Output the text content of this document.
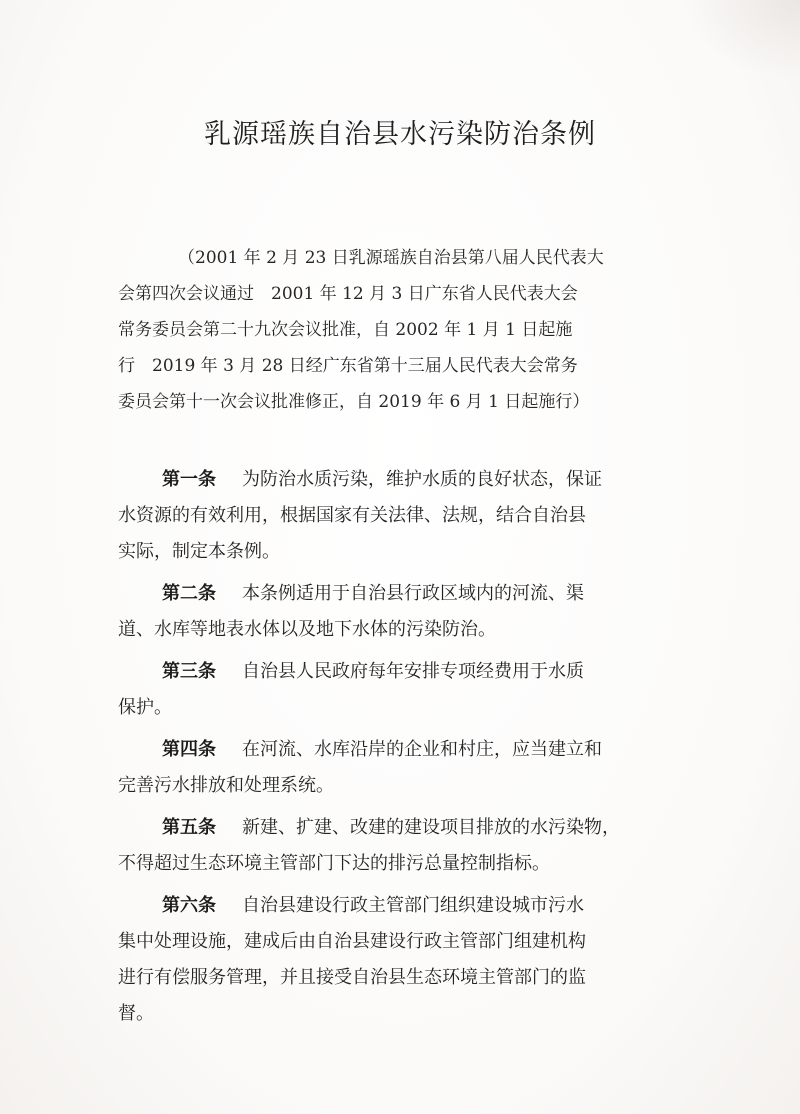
乳源瑶族自治县水污染防治条例
（2001 年 2 月 23 日乳源瑶族自治县第八届人民代表大
会第四次会议通过　2001 年 12 月 3 日广东省人民代表大会
常务委员会第二十九次会议批准，自 2002 年 1 月 1 日起施
行　2019 年 3 月 28 日经广东省第十三届人民代表大会常务
委员会第十一次会议批准修正，自 2019 年 6 月 1 日起施行）
第一条 为防治水质污染，维护水质的良好状态，保证
水资源的有效利用，根据国家有关法律、法规，结合自治县
实际，制定本条例。
第二条 本条例适用于自治县行政区域内的河流、渠
道、水库等地表水体以及地下水体的污染防治。
第三条 自治县人民政府每年安排专项经费用于水质
保护。
第四条 在河流、水库沿岸的企业和村庄，应当建立和
完善污水排放和处理系统。
第五条 新建、扩建、改建的建设项目排放的水污染物，
不得超过生态环境主管部门下达的排污总量控制指标。
第六条 自治县建设行政主管部门组织建设城市污水
集中处理设施，建成后由自治县建设行政主管部门组建机构
进行有偿服务管理，并且接受自治县生态环境主管部门的监
督。
